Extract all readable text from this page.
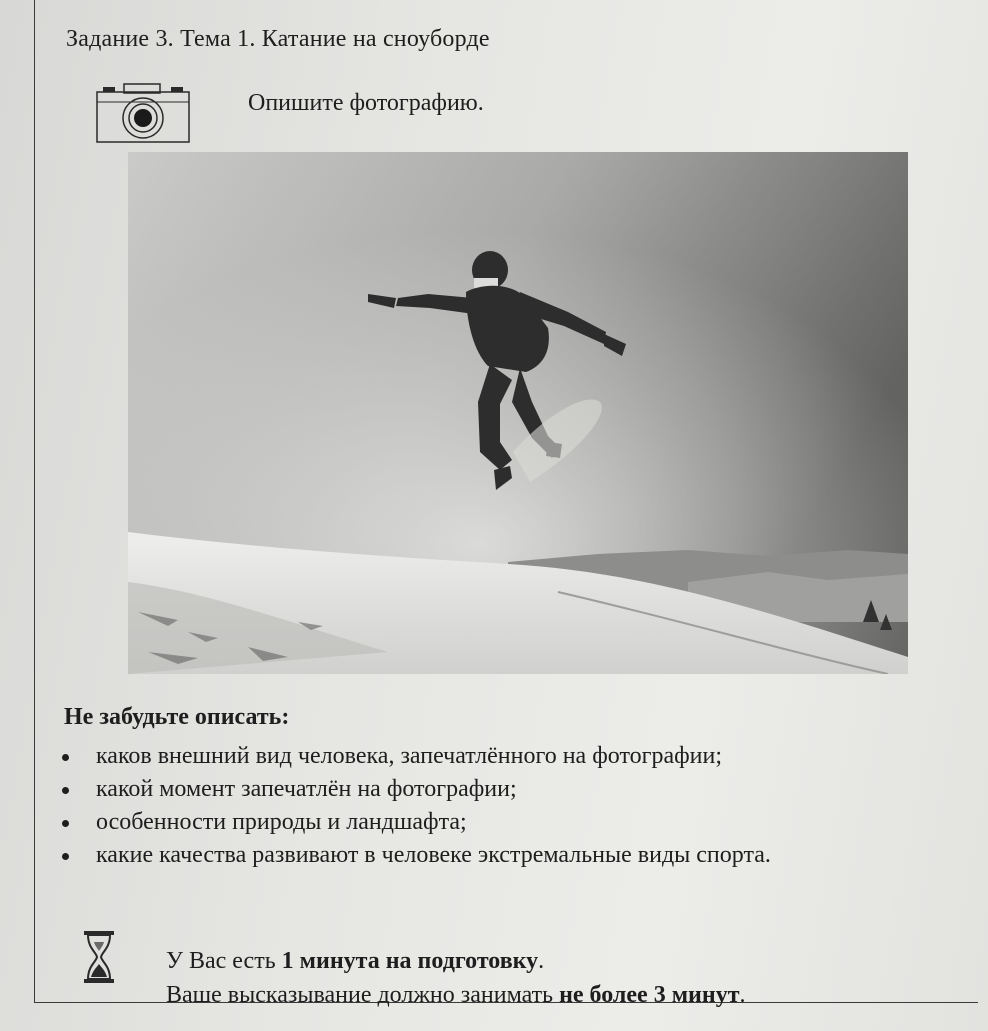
Задание 3. Тема 1. Катание на сноуборде
Опишите фотографию.
Не забудьте описать:
каков внешний вид человека, запечатлённого на фотографии;
какой момент запечатлён на фотографии;
особенности природы и ландшафта;
какие качества развивают в человеке экстремальные виды спорта.
У Вас есть 1 минута на подготовку.
Ваше высказывание должно занимать не более 3 минут.
